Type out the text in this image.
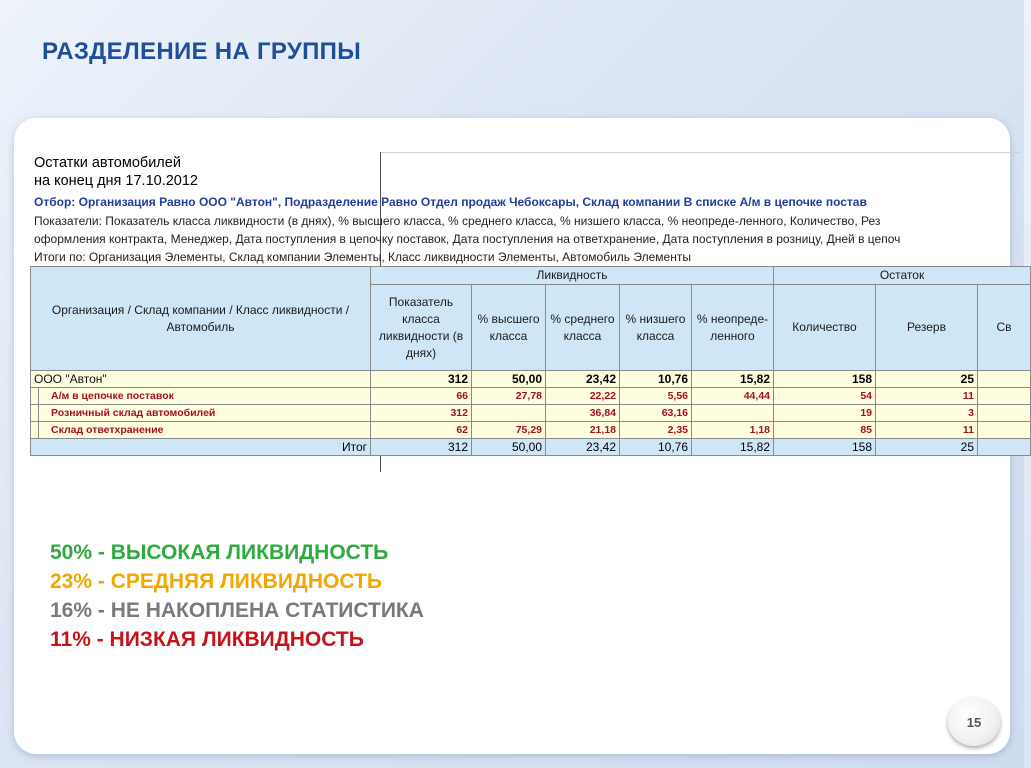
РАЗДЕЛЕНИЕ НА ГРУППЫ
Остатки автомобилей
на конец дня 17.10.2012
Отбор: Организация Равно ООО "Автон", Подразделение Равно Отдел продаж Чебоксары, Склад компании В списке А/м в цепочке постав
Показатели: Показатель класса ликвидности (в днях), % высшего класса, % среднего класса, % низшего класса, % неопреде-ленного, Количество, Рез
оформления контракта, Менеджер, Дата поступления в цепочку поставок, Дата поступления на ответхранение, Дата поступления в розницу, Дней в цепоч
Итоги по: Организация Элементы, Склад компании Элементы, Класс ликвидности Элементы, Автомобиль Элементы
Организация / Склад компании / Класс ликвидности / Автомобиль		Ликвидность					Остаток		
		Показатель класса ликвидности (в днях)	% высшего класса	% среднего класса	% низшего класса	% неопреде-ленного	Количество	Резерв	Св
ООО "Автон"		312	50,00	23,42	10,76	15,82	158	25	
	А/м в цепочке поставок	66	27,78	22,22	5,56	44,44	54	11	
	Розничный склад автомобилей	312		36,84	63,16		19	3	
	Склад ответхранение	62	75,29	21,18	2,35	1,18	85	11	
Итог		312	50,00	23,42	10,76	15,82	158	25	
50% - ВЫСОКАЯ ЛИКВИДНОСТЬ
23% - СРЕДНЯЯ ЛИКВИДНОСТЬ
16% - НЕ НАКОПЛЕНА СТАТИСТИКА
11% - НИЗКАЯ ЛИКВИДНОСТЬ
15
